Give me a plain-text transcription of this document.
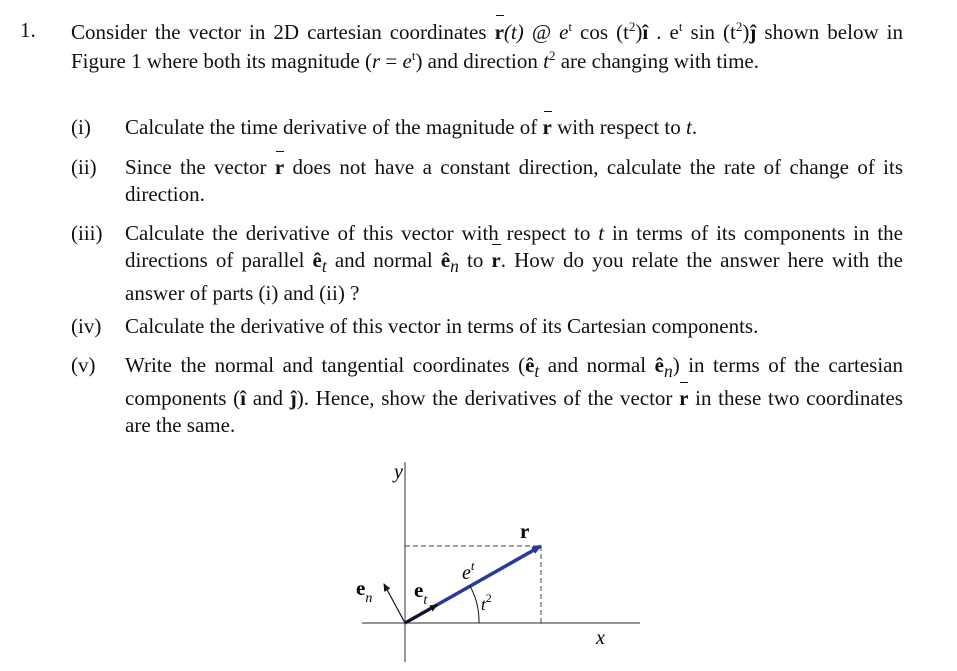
1. Consider the vector in 2D cartesian coordinates r(t) @ $e^t$ $\cos (t^2)î$ . $e^t$ $\sin (t^2)ĵ$ shown below in Figure 1 where both its magnitude $(r = e^t)$ and direction $t^2$ are changing with time.

(i) Calculate the time derivative of the magnitude of r with respect to t.
(ii) Since the vector r does not have a constant direction, calculate the rate of change of its direction.
(iii) Calculate the derivative of this vector with respect to t in terms of its components in the directions of parallel $ê_t$ and normal $ê_n$ to r. How do you relate the answer here with the answer of parts (i) and (ii) ?
(iv) Calculate the derivative of this vector in terms of its Cartesian components.
(v) Write the normal and tangential coordinates ($ê_t$ and normal $ê_n$) in terms of the cartesian components (î and ĵ). Hence, show the derivatives of the vector r in these two coordinates are the same.
y
x
r
$e^t$
$t^2$
$e_n$ $e_t$
